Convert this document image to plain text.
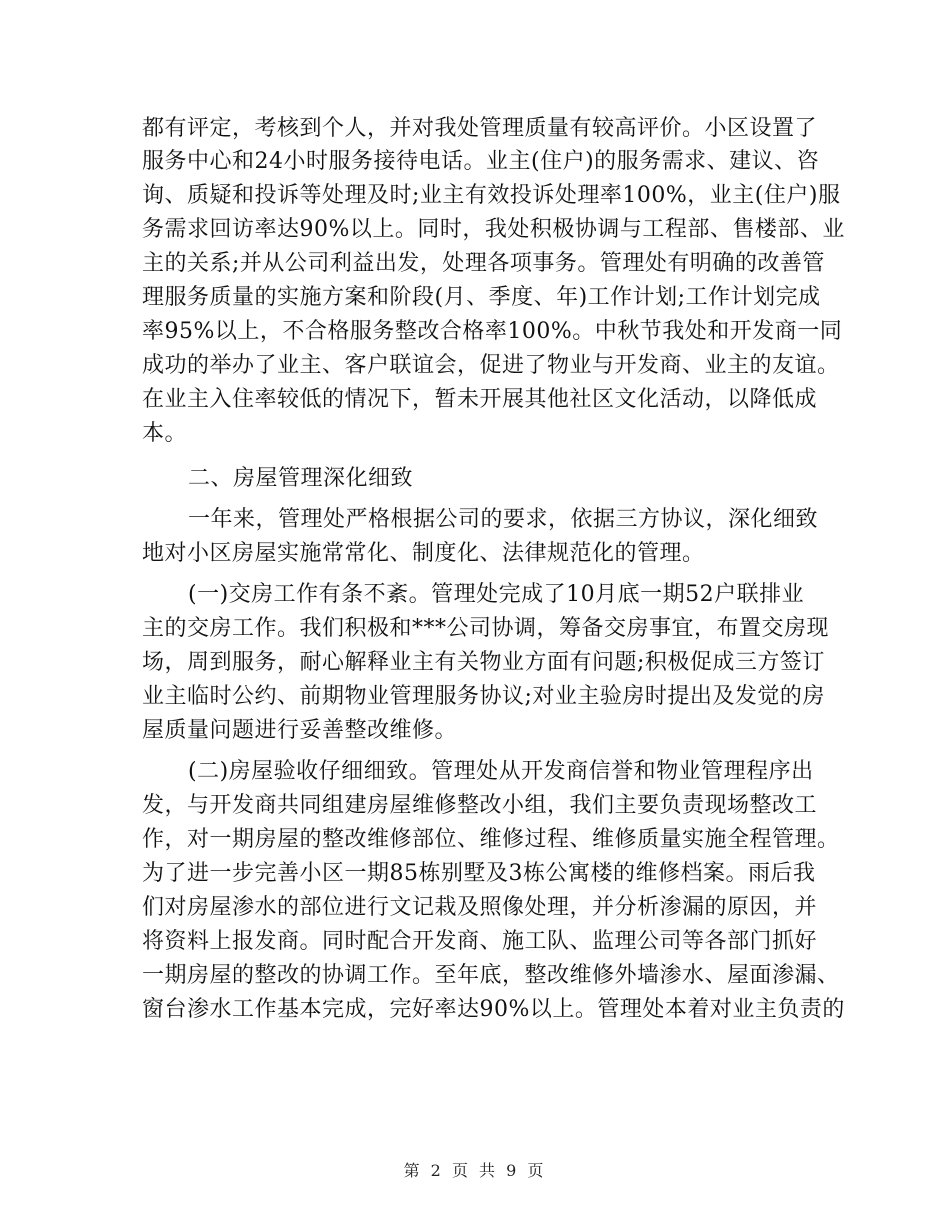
都有评定，考核到个人，并对我处管理质量有较高评价。小区设置了
服务中心和24小时服务接待电话。业主(住户)的服务需求、建议、咨
询、质疑和投诉等处理及时;业主有效投诉处理率100%，业主(住户)服
务需求回访率达90%以上。同时，我处积极协调与工程部、售楼部、业
主的关系;并从公司利益出发，处理各项事务。管理处有明确的改善管
理服务质量的实施方案和阶段(月、季度、年)工作计划;工作计划完成
率95%以上，不合格服务整改合格率100%。中秋节我处和开发商一同
成功的举办了业主、客户联谊会，促进了物业与开发商、业主的友谊。
在业主入住率较低的情况下，暂未开展其他社区文化活动，以降低成
本。
二、房屋管理深化细致
一年来，管理处严格根据公司的要求，依据三方协议，深化细致
地对小区房屋实施常常化、制度化、法律规范化的管理。
(一)交房工作有条不紊。管理处完成了10月底一期52户联排业
主的交房工作。我们积极和***公司协调，筹备交房事宜，布置交房现
场，周到服务，耐心解释业主有关物业方面有问题;积极促成三方签订
业主临时公约、前期物业管理服务协议;对业主验房时提出及发觉的房
屋质量问题进行妥善整改维修。
(二)房屋验收仔细细致。管理处从开发商信誉和物业管理程序出
发，与开发商共同组建房屋维修整改小组，我们主要负责现场整改工
作，对一期房屋的整改维修部位、维修过程、维修质量实施全程管理。
为了进一步完善小区一期85栋别墅及3栋公寓楼的维修档案。雨后我
们对房屋渗水的部位进行文记栽及照像处理，并分析渗漏的原因，并
将资料上报发商。同时配合开发商、施工队、监理公司等各部门抓好
一期房屋的整改的协调工作。至年底，整改维修外墙渗水、屋面渗漏、
窗台渗水工作基本完成，完好率达90%以上。管理处本着对业主负责的
第 2 页 共 9 页
